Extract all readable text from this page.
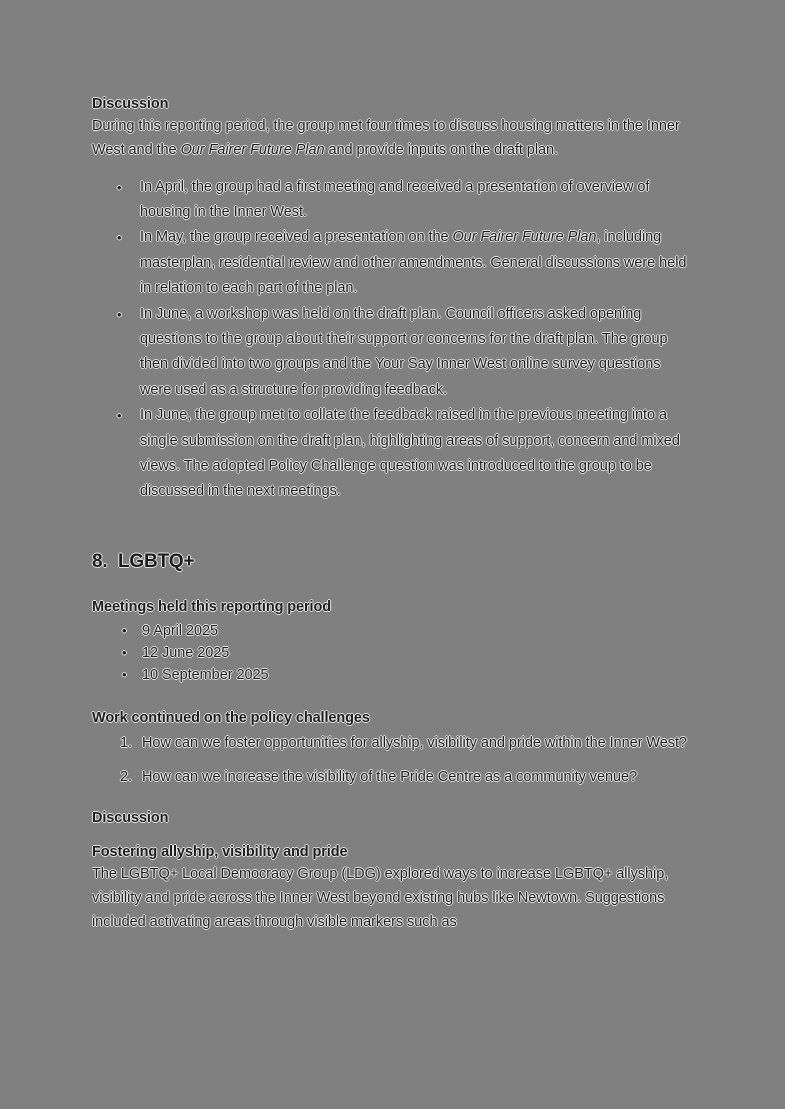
Discussion

During this reporting period, the group met four times to discuss housing matters in the Inner West and the Our Fairer Future Plan and provide inputs on the draft plan.

• In April, the group had a first meeting and received a presentation of overview of housing in the Inner West.
• In May, the group received a presentation on the Our Fairer Future Plan, including masterplan, residential review and other amendments. General discussions were held in relation to each part of the plan.
• In June, a workshop was held on the draft plan. Council officers asked opening questions to the group about their support or concerns for the draft plan. The group then divided into two groups and the Your Say Inner West online survey questions were used as a structure for providing feedback.
• In June, the group met to collate the feedback raised in the previous meeting into a single submission on the draft plan, highlighting areas of support, concern and mixed views. The adopted Policy Challenge question was introduced to the group to be discussed in the next meetings.
8. LGBTQ+
Meetings held this reporting period
• 9 April 2025
• 12 June 2025
• 10 September 2025
Work continued on the policy challenges
How can we foster opportunities for allyship, visibility and pride within the Inner West?
How can we increase the visibility of the Pride Centre as a community venue?
Discussion
Fostering allyship, visibility and pride

The LGBTQ+ Local Democracy Group (LDG) explored ways to increase LGBTQ+ allyship, visibility and pride across the Inner West beyond existing hubs like Newtown. Suggestions included activating areas through visible markers such as
